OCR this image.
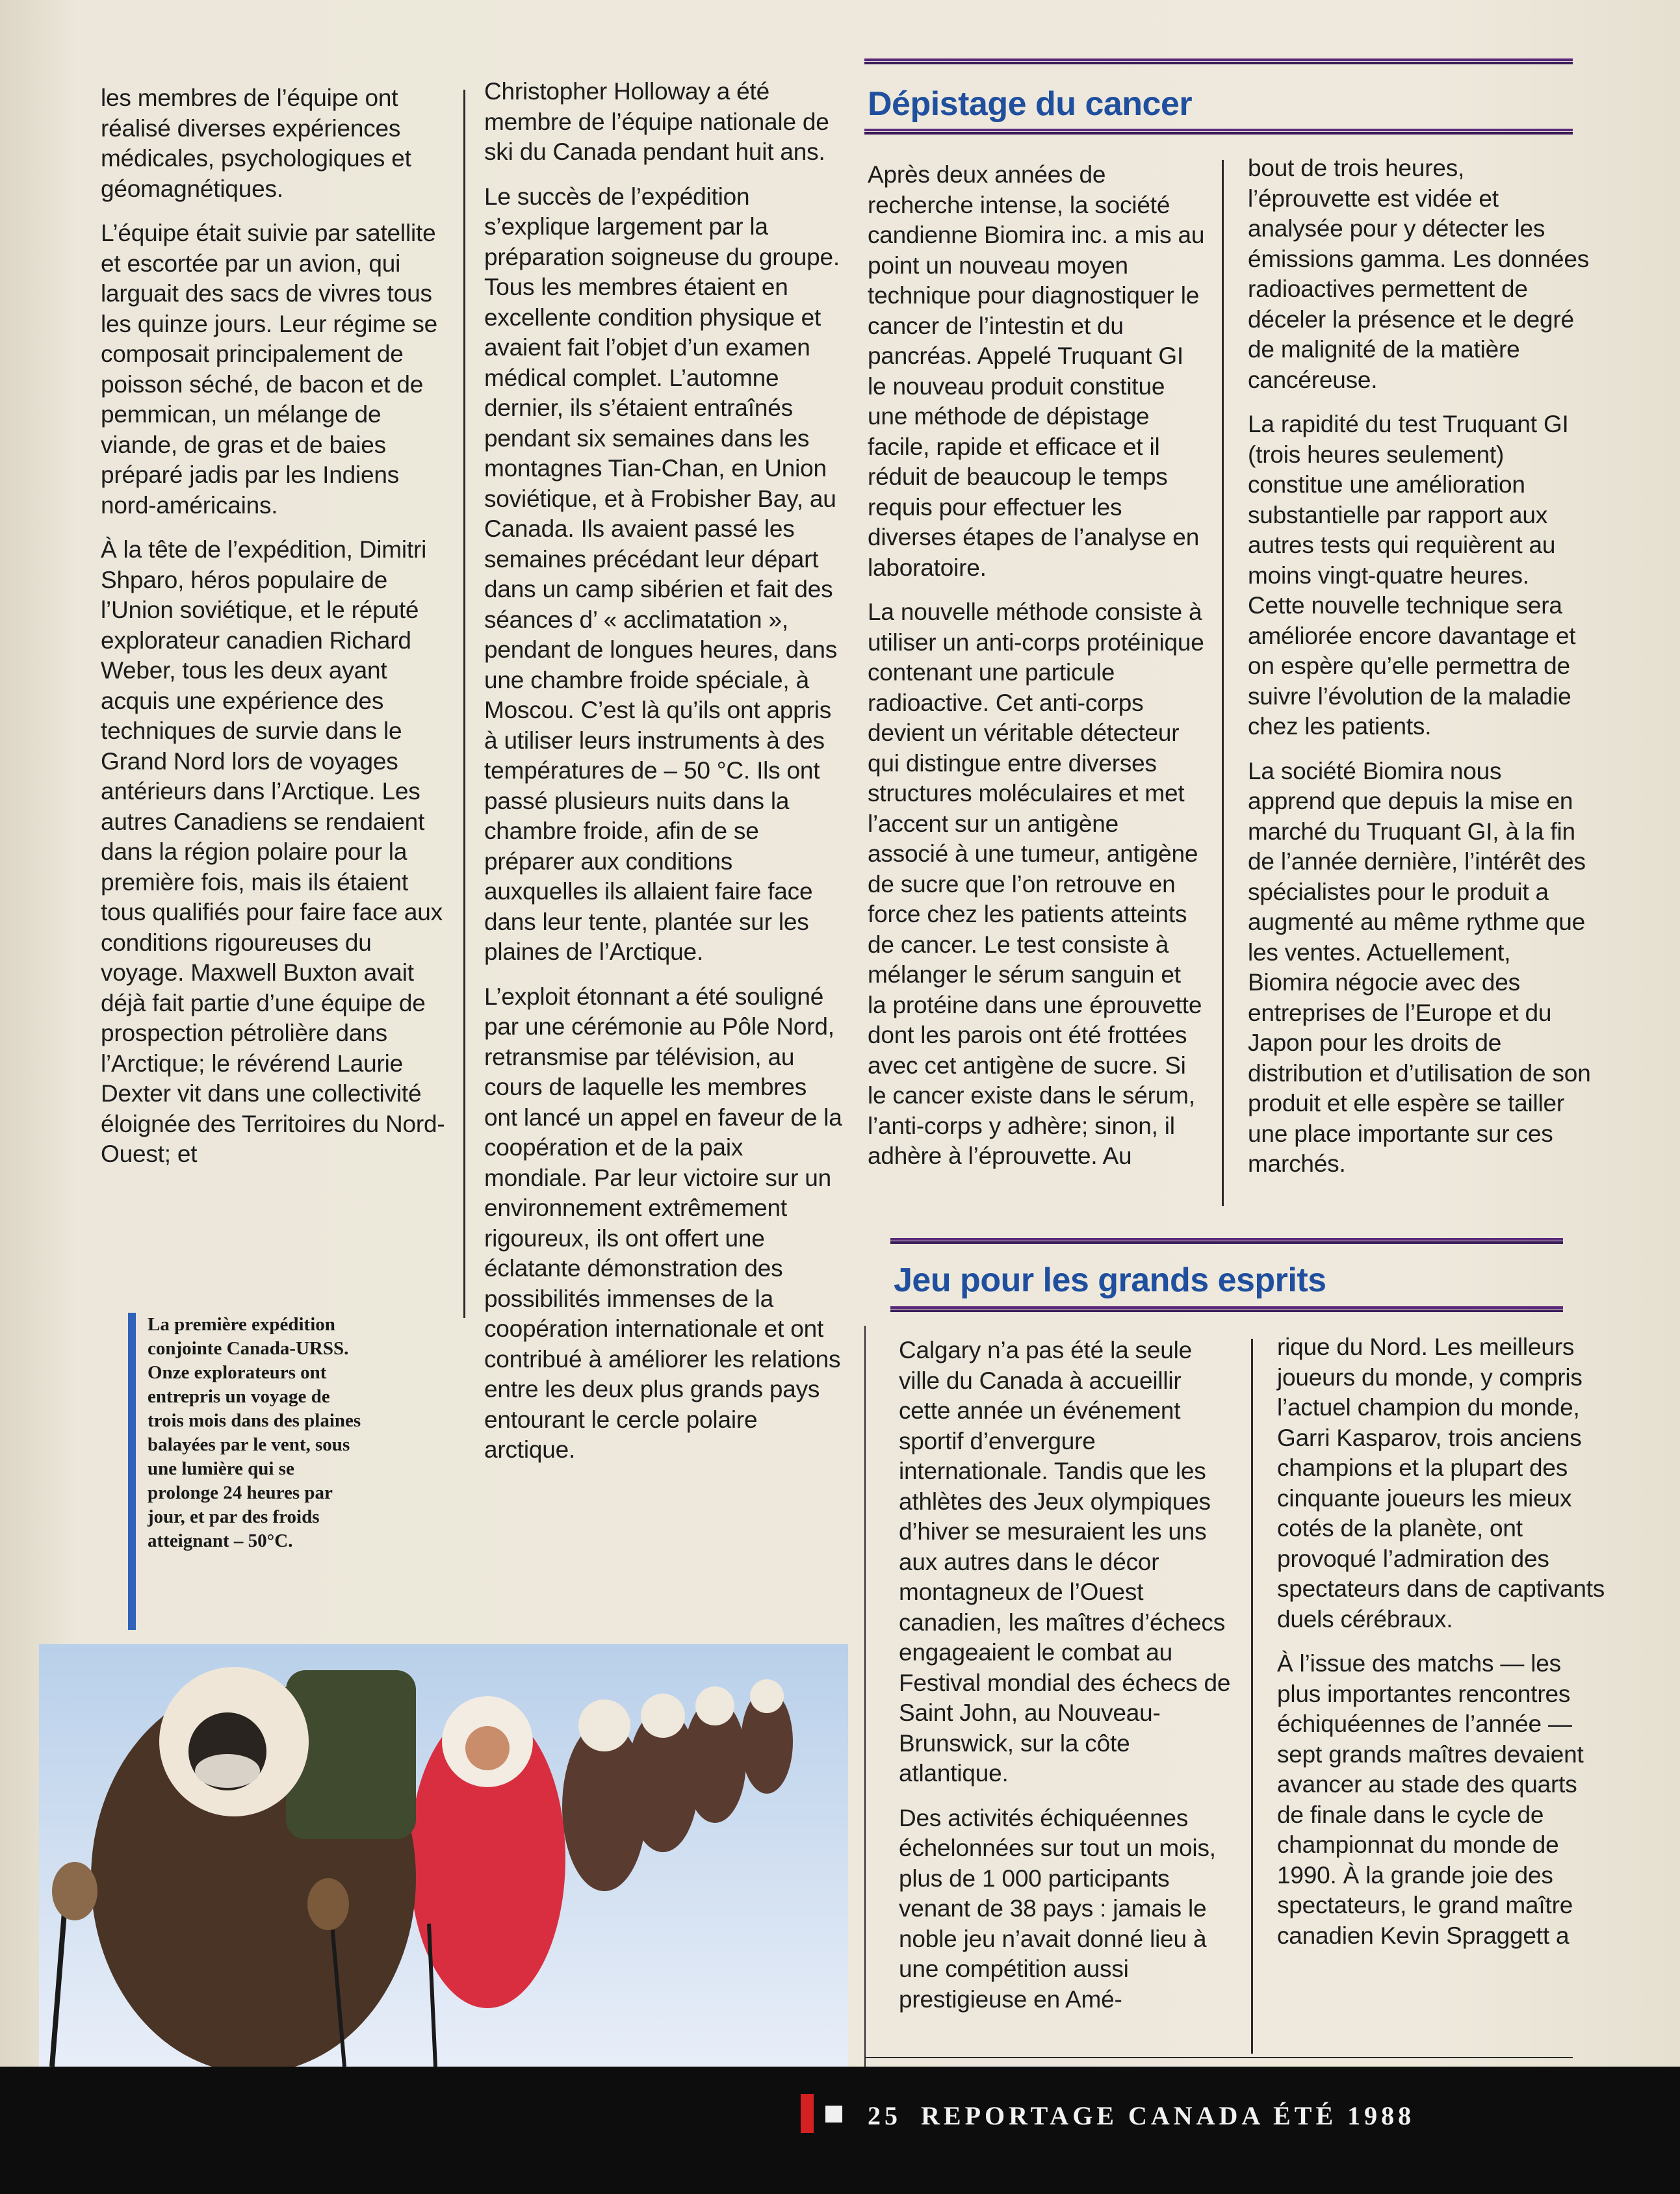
les membres de l’équipe ont réalisé diverses expériences médicales, psychologiques et géomagnétiques.

L’équipe était suivie par satellite et escortée par un avion, qui larguait des sacs de vivres tous les quinze jours. Leur régime se composait principalement de poisson séché, de bacon et de pemmican, un mélange de viande, de gras et de baies préparé jadis par les Indiens nord-américains.

À la tête de l’expédition, Dimitri Shparo, héros populaire de l’Union soviétique, et le réputé explorateur canadien Richard Weber, tous les deux ayant acquis une expérience des techniques de survie dans le Grand Nord lors de voyages antérieurs dans l’Arctique. Les autres Canadiens se rendaient dans la région polaire pour la première fois, mais ils étaient tous qualifiés pour faire face aux conditions rigoureuses du voyage. Maxwell Buxton avait déjà fait partie d’une équipe de prospection pétrolière dans l’Arctique; le révérend Laurie Dexter vit dans une collectivité éloignée des Territoires du Nord-Ouest; et

La première expédition conjointe Canada-URSS. Onze explorateurs ont entrepris un voyage de trois mois dans des plaines balayées par le vent, sous une lumière qui se prolonge 24 heures par jour, et par des froids atteignant – 50°C.

Christopher Holloway a été membre de l’équipe nationale de ski du Canada pendant huit ans.

Le succès de l’expédition s’explique largement par la préparation soigneuse du groupe. Tous les membres étaient en excellente condition physique et avaient fait l’objet d’un examen médical complet. L’automne dernier, ils s’étaient entraînés pendant six semaines dans les montagnes Tian-Chan, en Union soviétique, et à Frobisher Bay, au Canada. Ils avaient passé les semaines précédant leur départ dans un camp sibérien et fait des séances d’ « acclimatation », pendant de longues heures, dans une chambre froide spéciale, à Moscou. C’est là qu’ils ont appris à utiliser leurs instruments à des températures de – 50 °C. Ils ont passé plusieurs nuits dans la chambre froide, afin de se préparer aux conditions auxquelles ils allaient faire face dans leur tente, plantée sur les plaines de l’Arctique.

L’exploit étonnant a été souligné par une cérémonie au Pôle Nord, retransmise par télévision, au cours de laquelle les membres ont lancé un appel en faveur de la coopération et de la paix mondiale. Par leur victoire sur un environnement extrêmement rigoureux, ils ont offert une éclatante démonstration des possibilités immenses de la coopération internationale et ont contribué à améliorer les relations entre les deux plus grands pays entourant le cercle polaire arctique.

Dépistage du cancer

Après deux années de recherche intense, la société candienne Biomira inc. a mis au point un nouveau moyen technique pour diagnostiquer le cancer de l’intestin et du pancréas. Appelé Truquant GI le nouveau produit constitue une méthode de dépistage facile, rapide et efficace et il réduit de beaucoup le temps requis pour effectuer les diverses étapes de l’analyse en laboratoire.

La nouvelle méthode consiste à utiliser un anti-corps protéinique contenant une particule radioactive. Cet anti-corps devient un véritable détecteur qui distingue entre diverses structures moléculaires et met l’accent sur un antigène associé à une tumeur, antigène de sucre que l’on retrouve en force chez les patients atteints de cancer. Le test consiste à mélanger le sérum sanguin et la protéine dans une éprouvette dont les parois ont été frottées avec cet antigène de sucre. Si le cancer existe dans le sérum, l’anti-corps y adhère; sinon, il adhère à l’éprouvette. Au

bout de trois heures, l’éprouvette est vidée et analysée pour y détecter les émissions gamma. Les données radioactives permettent de déceler la présence et le degré de malignité de la matière cancéreuse.

La rapidité du test Truquant GI (trois heures seulement) constitue une amélioration substantielle par rapport aux autres tests qui requièrent au moins vingt-quatre heures. Cette nouvelle technique sera améliorée encore davantage et on espère qu’elle permettra de suivre l’évolution de la maladie chez les patients.

La société Biomira nous apprend que depuis la mise en marché du Truquant GI, à la fin de l’année dernière, l’intérêt des spécialistes pour le produit a augmenté au même rythme que les ventes. Actuellement, Biomira négocie avec des entreprises de l’Europe et du Japon pour les droits de distribution et d’utilisation de son produit et elle espère se tailler une place importante sur ces marchés.

Jeu pour les grands esprits

Calgary n’a pas été la seule ville du Canada à accueillir cette année un événement sportif d’envergure internationale. Tandis que les athlètes des Jeux olympiques d’hiver se mesuraient les uns aux autres dans le décor montagneux de l’Ouest canadien, les maîtres d’échecs engageaient le combat au Festival mondial des échecs de Saint John, au Nouveau-Brunswick, sur la côte atlantique.

Des activités échiquéennes échelonnées sur tout un mois, plus de 1 000 participants venant de 38 pays : jamais le noble jeu n’avait donné lieu à une compétition aussi prestigieuse en Amé-

rique du Nord. Les meilleurs joueurs du monde, y compris l’actuel champion du monde, Garri Kasparov, trois anciens champions et la plupart des cinquante joueurs les mieux cotés de la planète, ont provoqué l’admiration des spectateurs dans de captivants duels cérébraux.

À l’issue des matchs — les plus importantes rencontres échiquéennes de l’année — sept grands maîtres devaient avancer au stade des quarts de finale dans le cycle de championnat du monde de 1990. À la grande joie des spectateurs, le grand maître canadien Kevin Spraggett a

25 REPORTAGE CANADA ÉTÉ 1988
